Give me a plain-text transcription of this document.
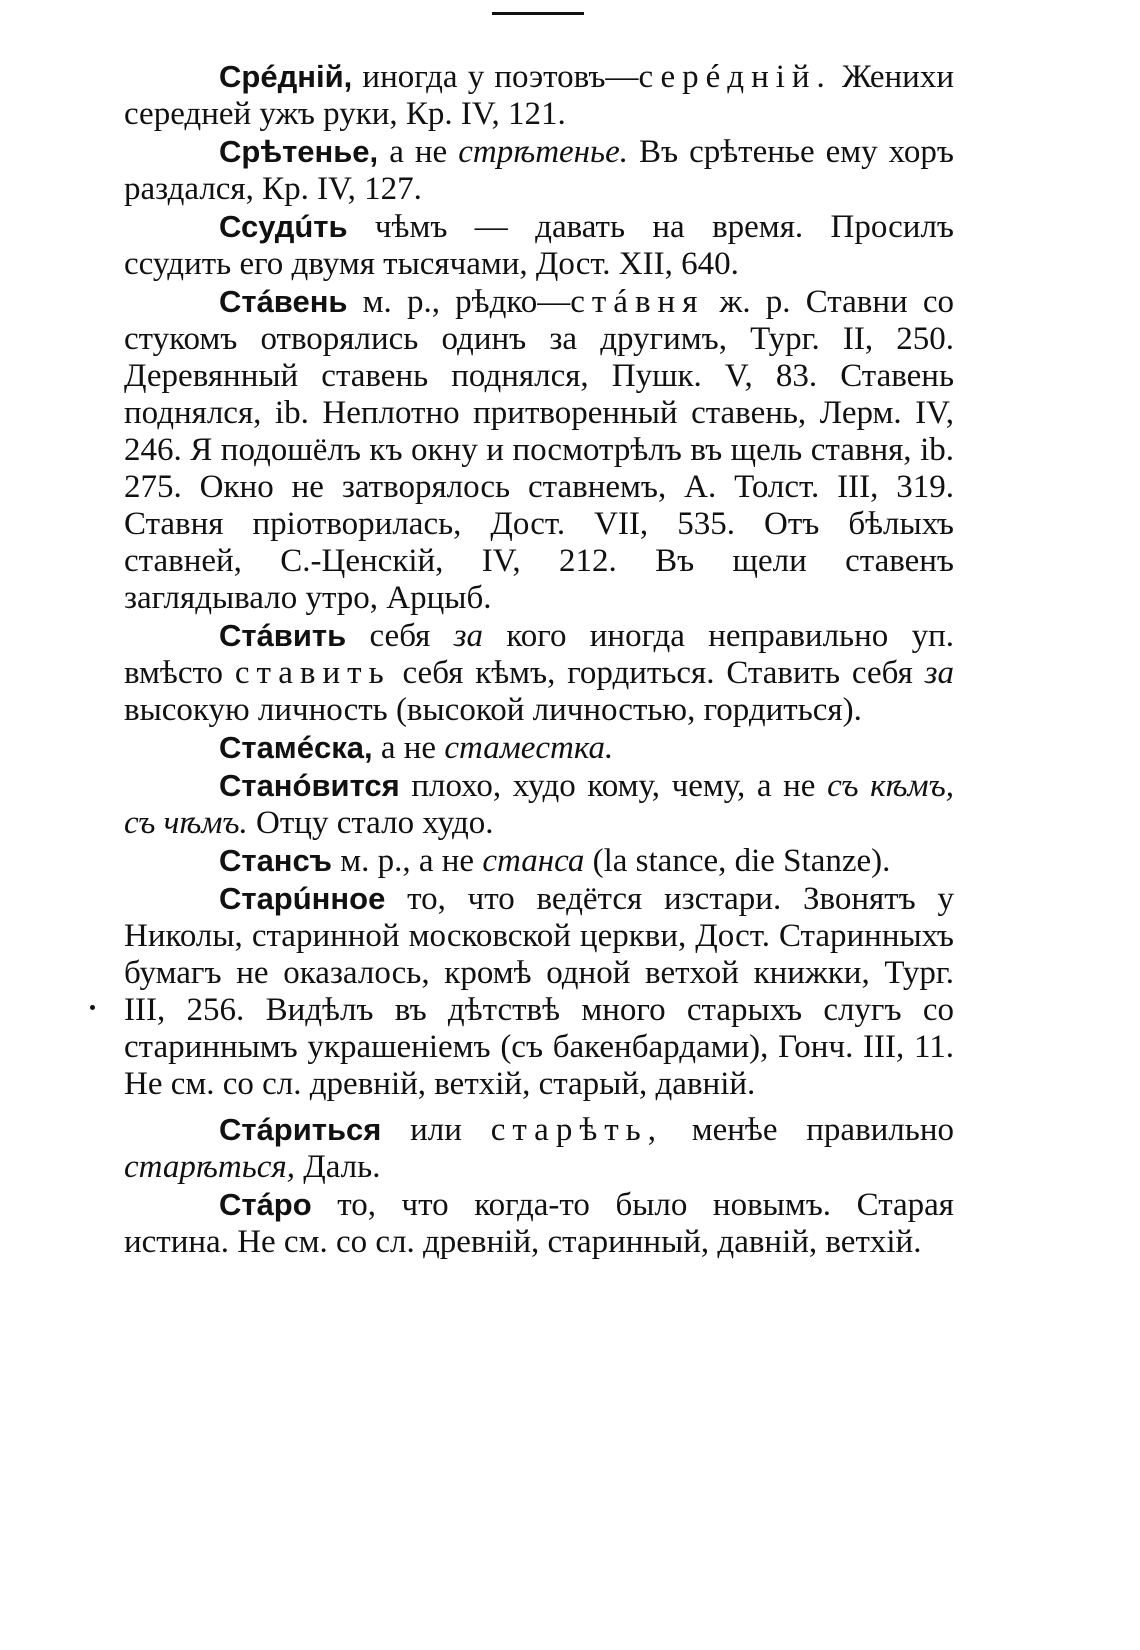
Срéдній, иногда у поэтовъ—серéдній. Женихи середней ужъ руки, Кр. IV, 121.

Срѣтенье, а не стрѣтенье. Въ срѣтенье ему хоръ раздался, Кр. IV, 127.

Ссудúть чѣмъ — давать на время. Просилъ ссудить его двумя тысячами, Дост. XII, 640.

Стáвень м. р., рѣдко—стáвня ж. р. Ставни со стукомъ отворялись одинъ за другимъ, Тург. II, 250. Деревянный ставень поднялся, Пушк. V, 83. Ставень поднялся, ib. Неплотно притворенный ставень, Лерм. IV, 246. Я подошёлъ къ окну и посмотрѣлъ въ щель ставня, ib. 275. Окно не затворялось ставнемъ, А. Толст. III, 319. Ставня пріотворилась, Дост. VII, 535. Отъ бѣлыхъ ставней, С.-Ценскій, IV, 212. Въ щели ставенъ заглядывало утро, Арцыб.

Стáвить себя за кого иногда неправильно уп. вмѣсто ставить себя кѣмъ, гордиться. Ставить себя за высокую личность (высокой личностью, гордиться).

Стамéска, а не стамеcтка.

Станóвится плохо, худо кому, чему, а не съ кѣмъ, съ чѣмъ. Отцу стало худо.

Стансъ м. р., а не станса (la stance, die Stanze).

Старúнное то, что ведётся изстари. Звонятъ у Николы, старинной московской церкви, Дост. Старинныхъ бумагъ не оказалось, кромѣ одной ветхой книжки, Тург. III, 256. Видѣлъ въ дѣтствѣ много старыхъ слугъ со стариннымъ украшеніемъ (съ бакенбардами), Гонч. III, 11. Не см. со сл. древній, ветхій, старый, давній.

Стáриться или старѣть, менѣе правильно старѣться, Даль.

Стáро то, что когда-то было новымъ. Старая истина. Не см. со сл. древній, старинный, давній, ветхій.
